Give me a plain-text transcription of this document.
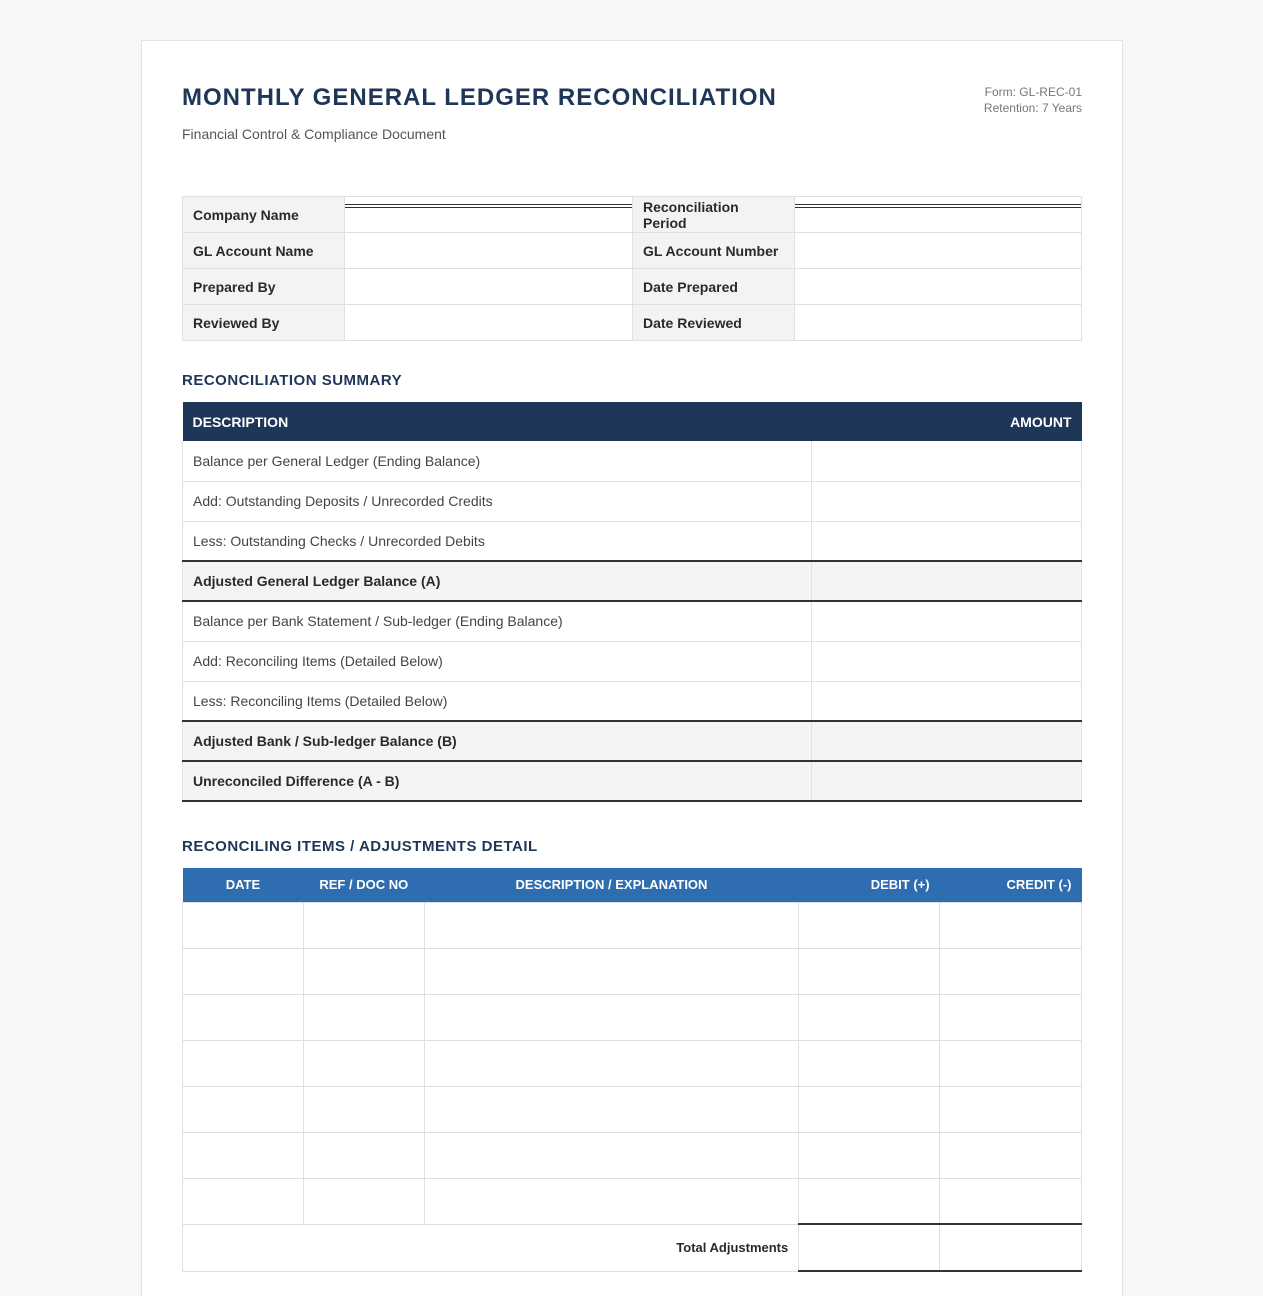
MONTHLY GENERAL LEDGER RECONCILIATION
Financial Control & Compliance Document
Form: GL-REC-01
Retention: 7 Years
Company Name		Reconciliation Period	
GL Account Name		GL Account Number	
Prepared By		Date Prepared	
Reviewed By		Date Reviewed	
RECONCILIATION SUMMARY
DESCRIPTION	AMOUNT
Balance per General Ledger (Ending Balance)	
Add: Outstanding Deposits / Unrecorded Credits	
Less: Outstanding Checks / Unrecorded Debits	
Adjusted General Ledger Balance (A)	
Balance per Bank Statement / Sub-ledger (Ending Balance)	
Add: Reconciling Items (Detailed Below)	
Less: Reconciling Items (Detailed Below)	
Adjusted Bank / Sub-ledger Balance (B)	
Unreconciled Difference (A - B)	
RECONCILING ITEMS / ADJUSTMENTS DETAIL
DATE	REF / DOC NO	DESCRIPTION / EXPLANATION	DEBIT (+)	CREDIT (-)

Total Adjustments				
